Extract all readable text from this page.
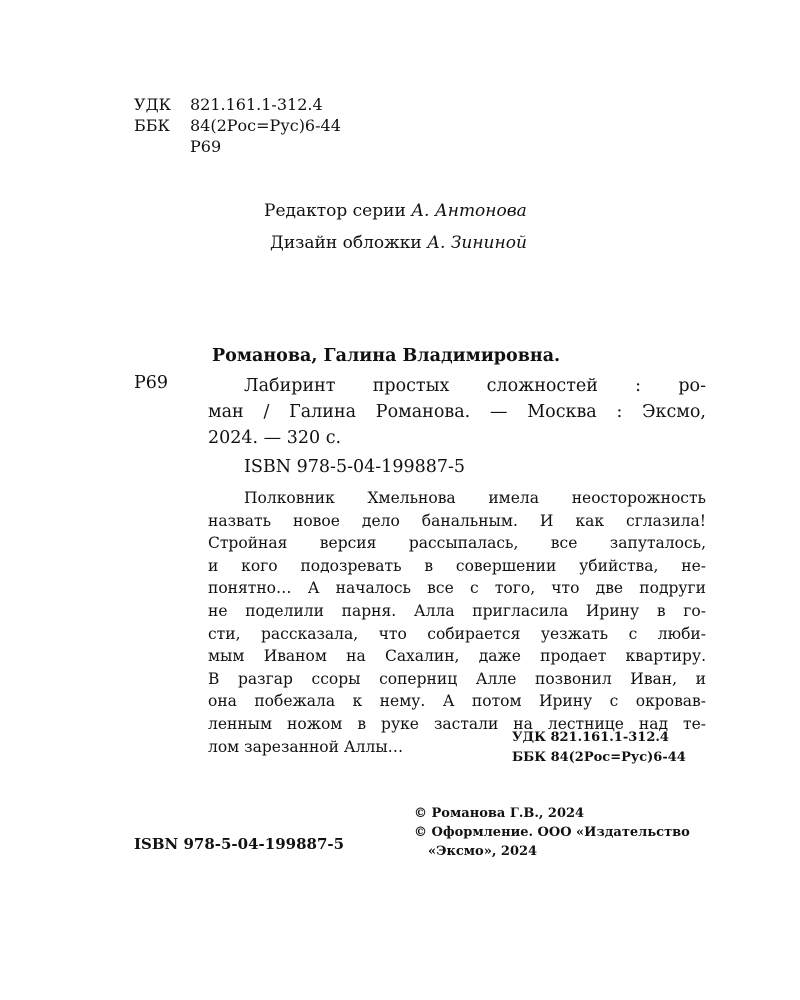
УДК	821.161.1-312.4
ББК	84(2Рос=Рус)6-44
Р69
Редактор серии А. Антонова
Дизайн обложки А. Зининой
Романова, Галина Владимировна.
Р69	Лабиринт простых сложностей : ро-
ман / Галина Романова. — Москва : Эксмо,
2024. — 320 с.
ISBN 978-5-04-199887-5
Полковник Хмельнова имела неосторожность
назвать новое дело банальным. И как сглазила!
Стройная версия рассыпалась, все запуталось,
и кого подозревать в совершении убийства, не-
понятно… А началось все с того, что две подруги
не поделили парня. Алла пригласила Ирину в го-
сти, рассказала, что собирается уезжать с люби-
мым Иваном на Сахалин, даже продает квартиру.
В разгар ссоры соперниц Алле позвонил Иван, и
она побежала к нему. А потом Ирину с окровав-
ленным ножом в руке застали на лестнице над те-
лом зарезанной Аллы…
УДК 821.161.1-312.4
ББК 84(2Рос=Рус)6-44
© Романова Г.В., 2024
© Оформление. ООО «Издательство
«Эксмо», 2024
ISBN 978-5-04-199887-5
